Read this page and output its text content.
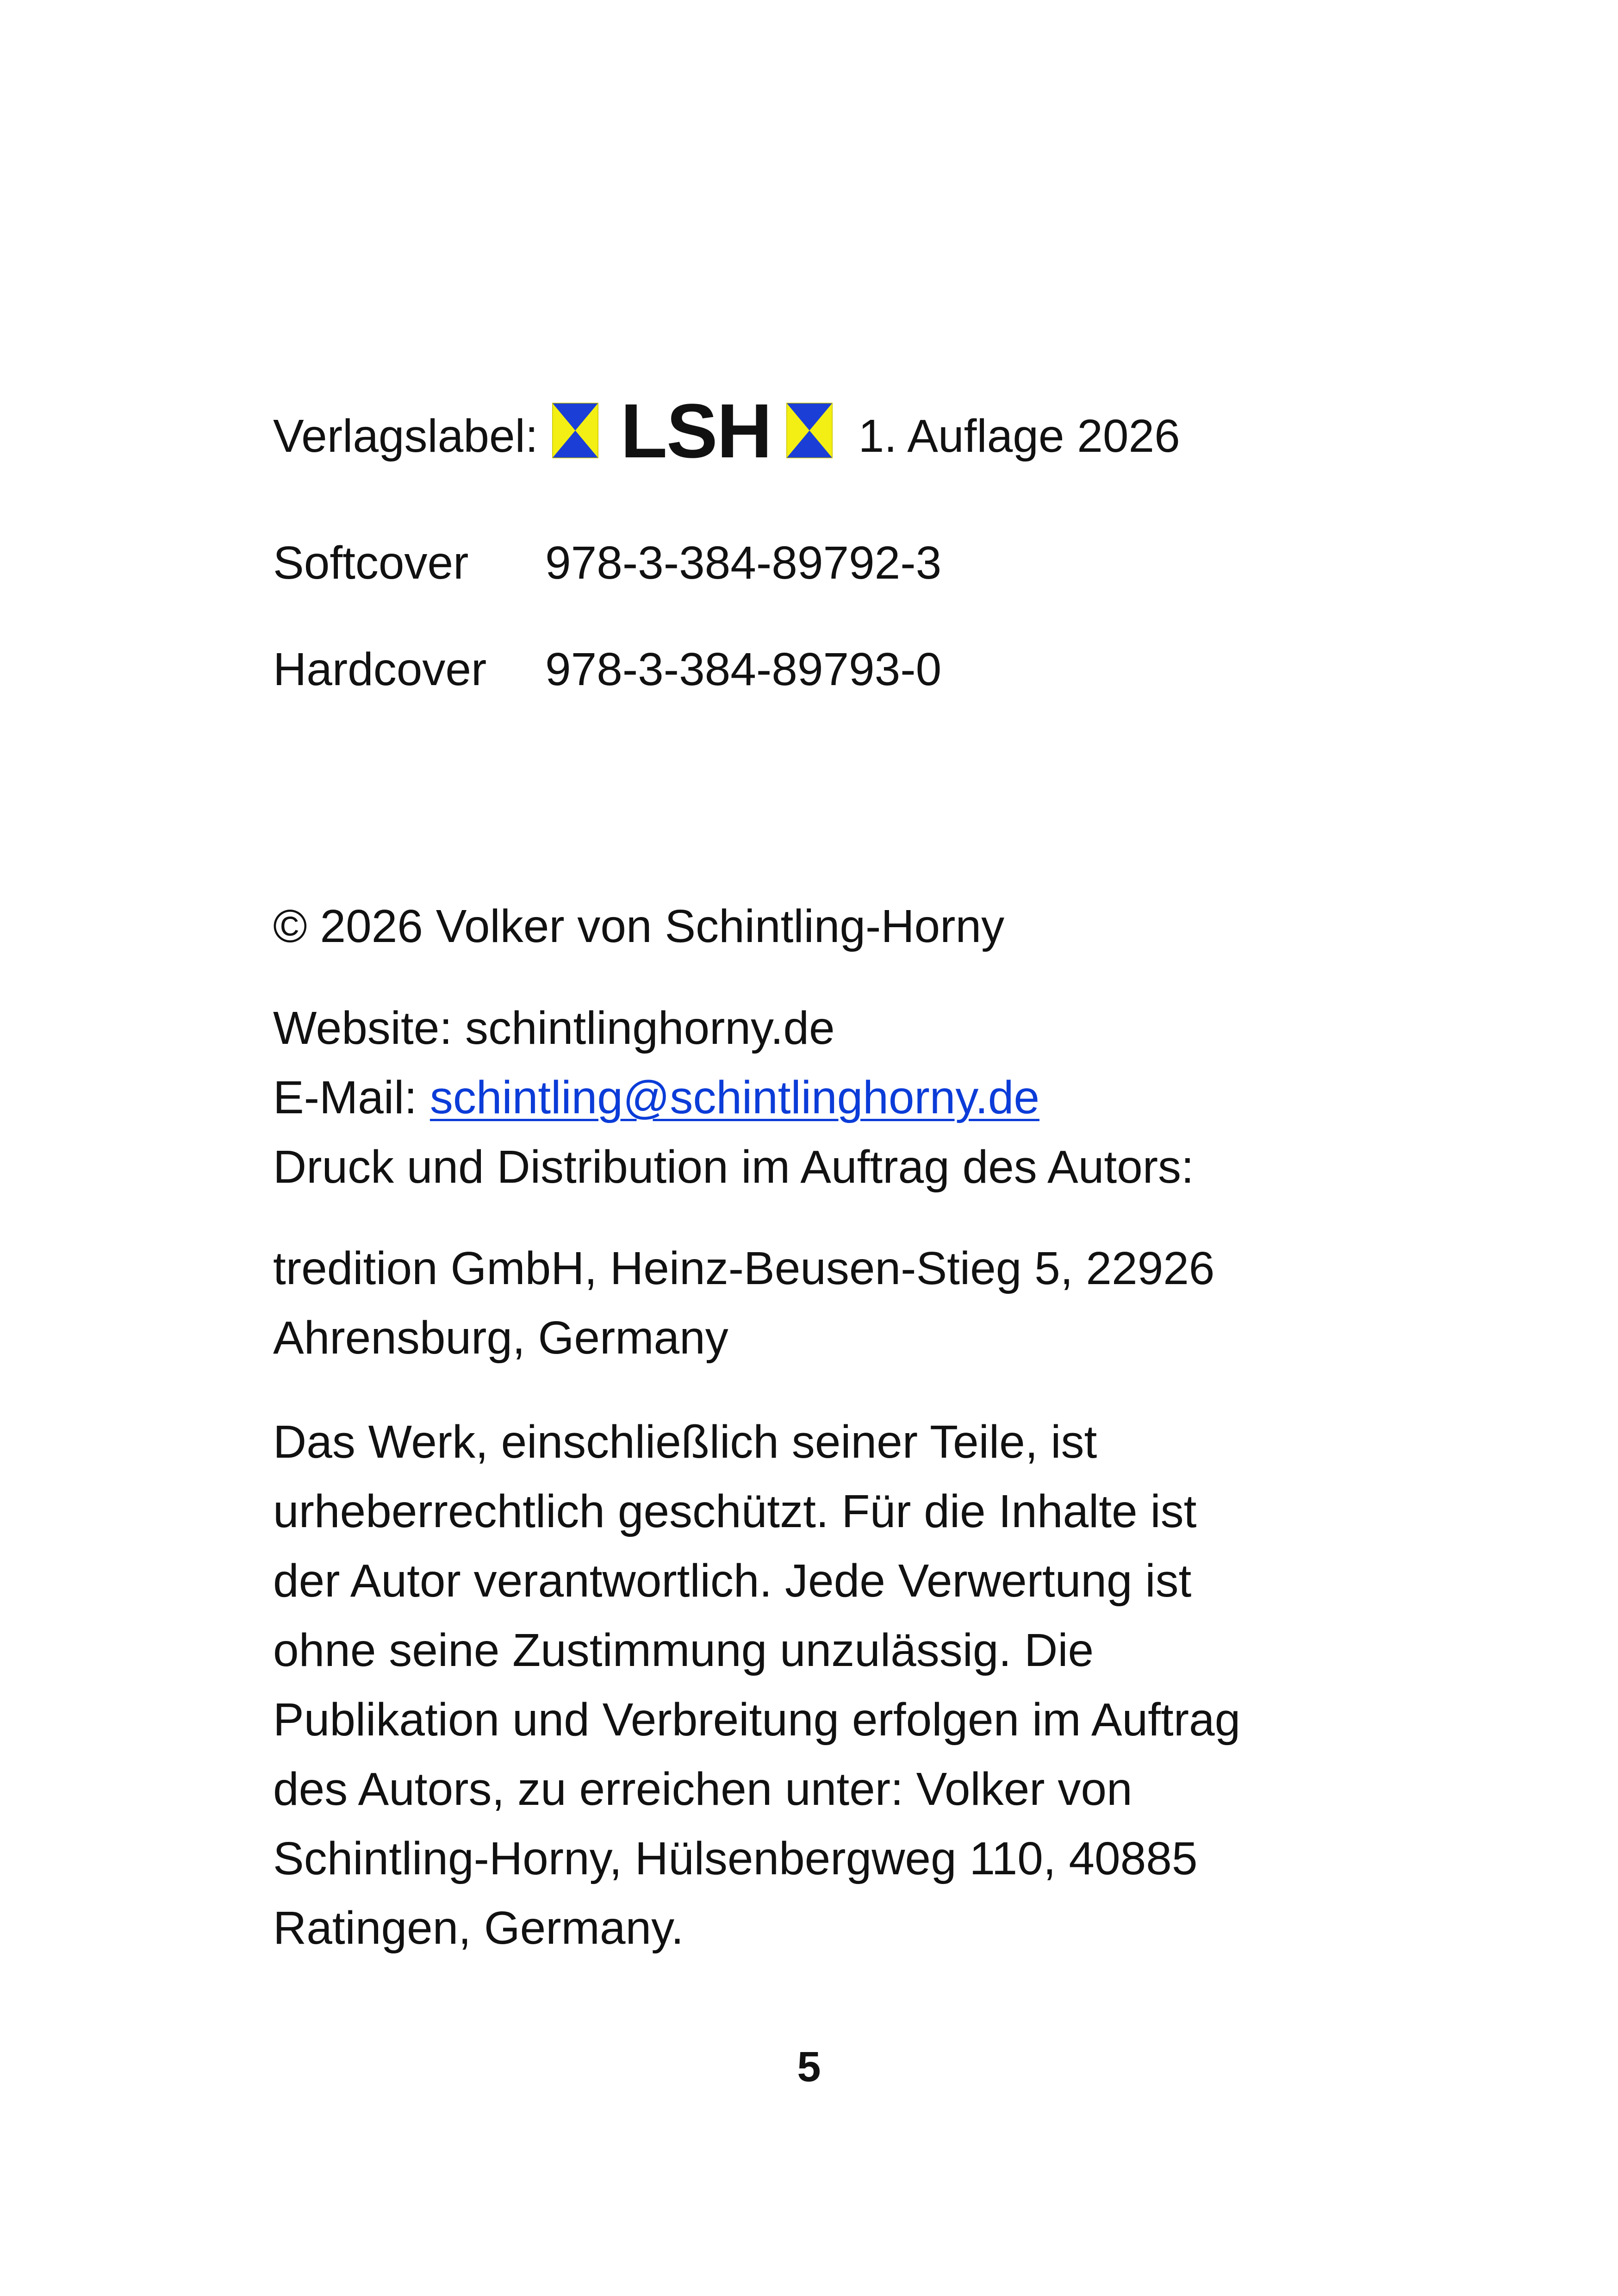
Verlagslabel: LSH 1. Auflage 2026
Softcover 978-3-384-89792-3
Hardcover 978-3-384-89793-0
© 2026 Volker von Schintling-Horny
Website: schintlinghorny.de
E-Mail: schintling@schintlinghorny.de
Druck und Distribution im Auftrag des Autors:
tredition GmbH, Heinz-Beusen-Stieg 5, 22926
Ahrensburg, Germany
Das Werk, einschließlich seiner Teile, ist
urheberrechtlich geschützt. Für die Inhalte ist
der Autor verantwortlich. Jede Verwertung ist
ohne seine Zustimmung unzulässig. Die
Publikation und Verbreitung erfolgen im Auftrag
des Autors, zu erreichen unter: Volker von
Schintling-Horny, Hülsenbergweg 110, 40885
Ratingen, Germany.
5
